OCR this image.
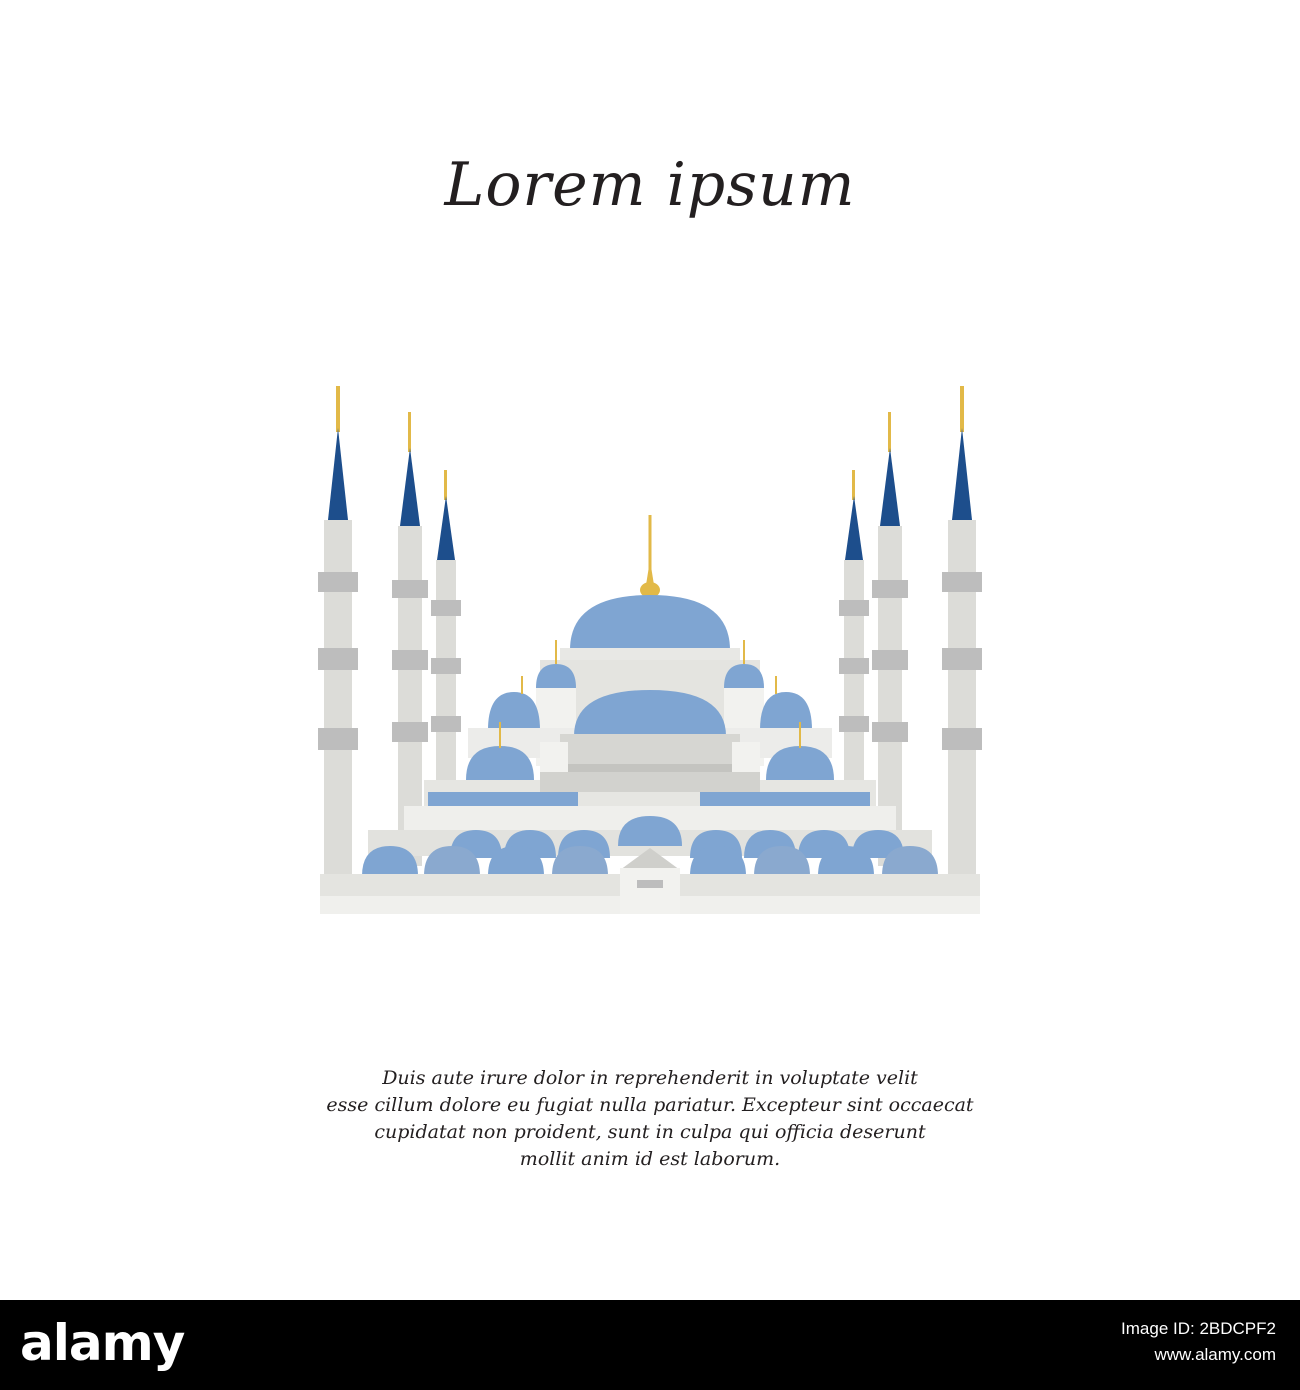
Lorem ipsum
Duis aute irure dolor in reprehenderit in voluptate velit
esse cillum dolore eu fugiat nulla pariatur. Excepteur sint occaecat
cupidatat non proident, sunt in culpa qui officia deserunt
mollit anim id est laborum.
alamy	Image ID: 2BDCPF2
www.alamy.com
